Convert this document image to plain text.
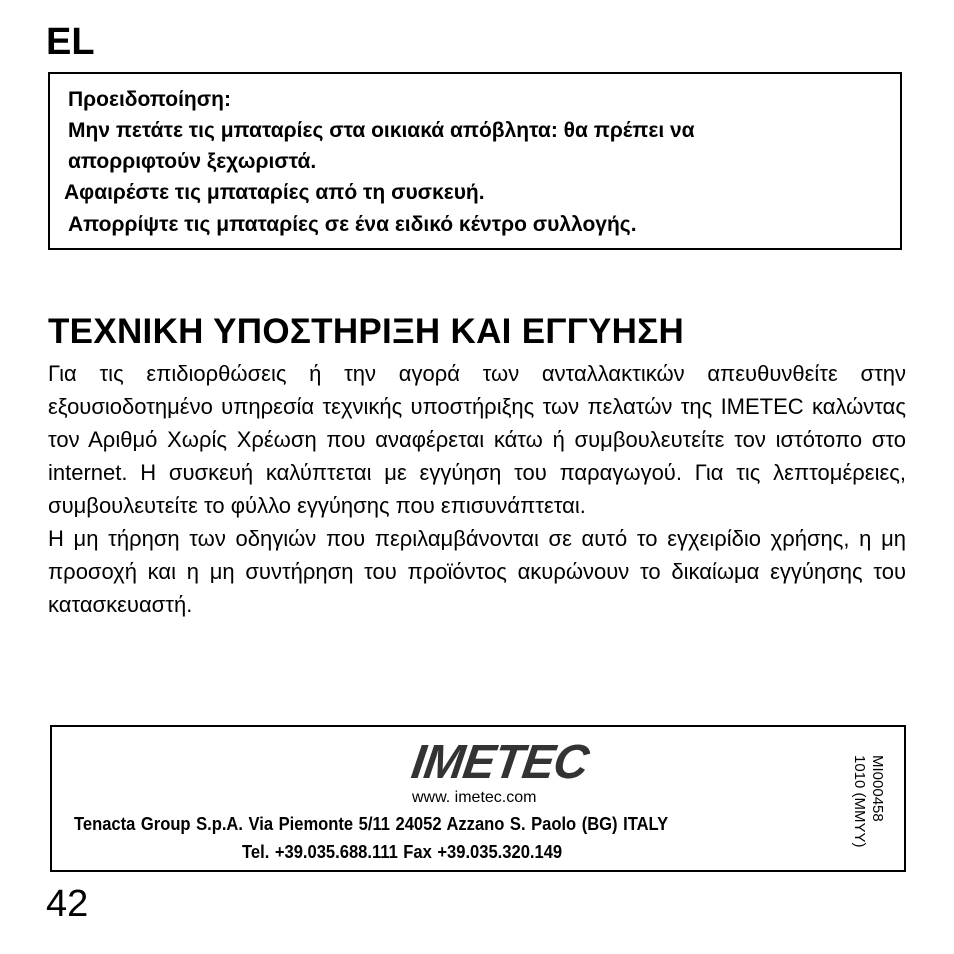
EL
Προειδοποίηση:
Μην πετάτε τις μπαταρίες στα οικιακά απόβλητα: θα πρέπει να
απορριφτούν ξεχωριστά.
Αφαιρέστε τις μπαταρίες από τη συσκευή.
Απορρίψτε τις μπαταρίες σε ένα ειδικό κέντρο συλλογής.
ΤΕΧΝΙΚΗ ΥΠΟΣΤΗΡΙΞΗ ΚΑΙ ΕΓΓΥΗΣΗ

Για τις επιδιορθώσεις ή την αγορά των ανταλλακτικών απευθυνθείτε στην εξουσιοδοτημένο υπηρεσία τεχνικής υποστήριξης των πελατών της IMETEC καλώντας τον Αριθμό Χωρίς Χρέωση που αναφέρεται κάτω ή συμβουλευτείτε τον ιστότοπο στο internet. Η συσκευή καλύπτεται με εγγύηση του παραγωγού. Για τις λεπτομέρειες, συμβουλευτείτε το φύλλο εγγύησης που επισυνάπτεται.

Η μη τήρηση των οδηγιών που περιλαμβάνονται σε αυτό το εγχειρίδιο χρήσης, η μη προσοχή και η μη συντήρηση του προϊόντος ακυρώνουν το δικαίωμα εγγύησης του κατασκευαστή.

IMETEC
www. imetec.com
Tenacta Group S.p.A. Via Piemonte 5/11 24052 Azzano S. Paolo (BG) ITALY
Tel. +39.035.688.111 Fax +39.035.320.149
MI000458
1010 (MMYY)
42
